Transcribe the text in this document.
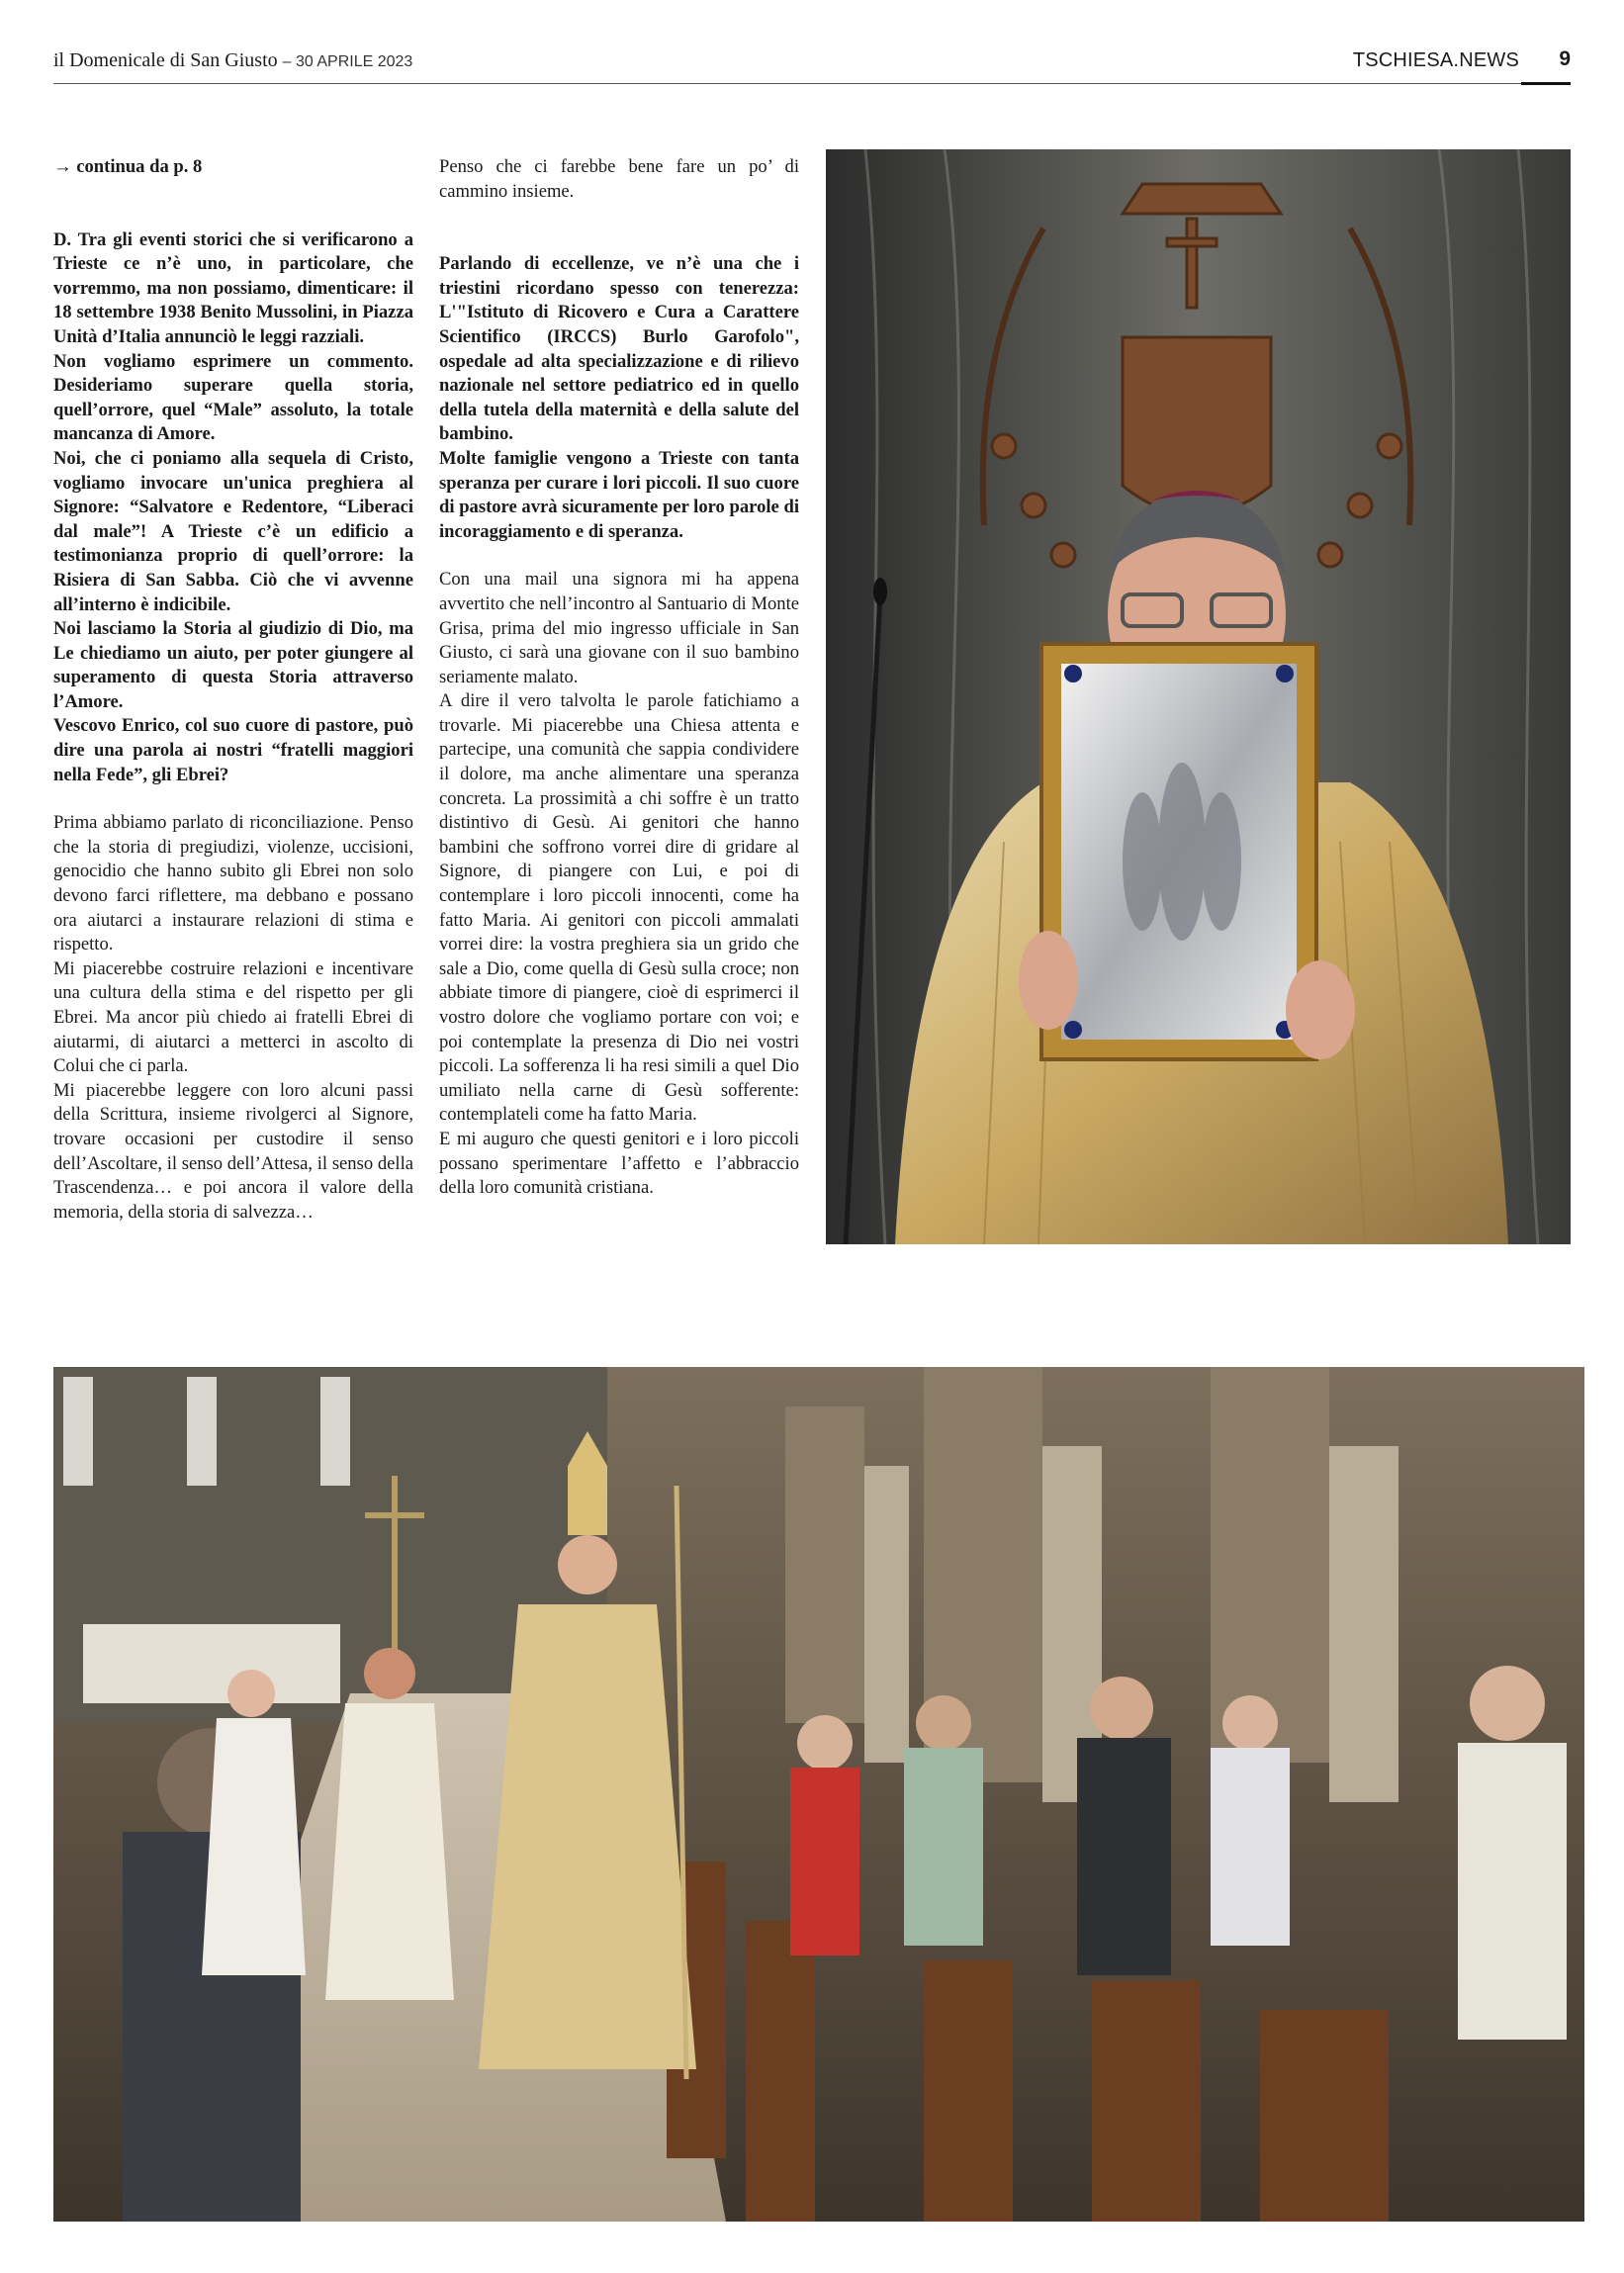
il Domenicale di San Giusto – 30 APRILE 2023	TSCHIESA.NEWS 9

→ continua da p. 8

D. Tra gli eventi storici che si verificarono a Trieste ce n’è uno, in particolare, che vorremmo, ma non possiamo, dimenticare: il 18 settembre 1938 Benito Mussolini, in Piazza Unità d’Italia annunciò le leggi razziali.

Non vogliamo esprimere un commento. Desideriamo superare quella storia, quell’orrore, quel “Male” assoluto, la totale mancanza di Amore.

Noi, che ci poniamo alla sequela di Cristo, vogliamo invocare un'unica preghiera al Signore: “Salvatore e Redentore, “Liberaci dal male”! A Trieste c’è un edificio a testimonianza proprio di quell’orrore: la Risiera di San Sabba. Ciò che vi avvenne all’interno è indicibile.

Noi lasciamo la Storia al giudizio di Dio, ma Le chiediamo un aiuto, per poter giungere al superamento di questa Storia attraverso l’Amore.

Vescovo Enrico, col suo cuore di pastore, può dire una parola ai nostri “fratelli maggiori nella Fede”, gli Ebrei?

Prima abbiamo parlato di riconciliazione. Penso che la storia di pregiudizi, violenze, uccisioni, genocidio che hanno subito gli Ebrei non solo devono farci riflettere, ma debbano e possano ora aiutarci a instaurare relazioni di stima e rispetto.

Mi piacerebbe costruire relazioni e incentivare una cultura della stima e del rispetto per gli Ebrei. Ma ancor più chiedo ai fratelli Ebrei di aiutarmi, di aiutarci a metterci in ascolto di Colui che ci parla.

Mi piacerebbe leggere con loro alcuni passi della Scrittura, insieme rivolgerci al Signore, trovare occasioni per custodire il senso dell’Ascoltare, il senso dell’Attesa, il senso della Trascendenza… e poi ancora il valore della memoria, della storia di salvezza…

Penso che ci farebbe bene fare un po’ di cammino insieme.

Parlando di eccellenze, ve n’è una che i triestini ricordano spesso con tenerezza: L'"Istituto di Ricovero e Cura a Carattere Scientifico (IRCCS) Burlo Garofolo", ospedale ad alta specializzazione e di rilievo nazionale nel settore pediatrico ed in quello della tutela della maternità e della salute del bambino.

Molte famiglie vengono a Trieste con tanta speranza per curare i lori piccoli. Il suo cuore di pastore avrà sicuramente per loro parole di incoraggiamento e di speranza.

Con una mail una signora mi ha appena avvertito che nell’incontro al Santuario di Monte Grisa, prima del mio ingresso ufficiale in San Giusto, ci sarà una giovane con il suo bambino seriamente malato.

A dire il vero talvolta le parole fatichiamo a trovarle. Mi piacerebbe una Chiesa attenta e partecipe, una comunità che sappia condividere il dolore, ma anche alimentare una speranza concreta. La prossimità a chi soffre è un tratto distintivo di Gesù. Ai genitori che hanno bambini che soffrono vorrei dire di gridare al Signore, di piangere con Lui, e poi di contemplare i loro piccoli innocenti, come ha fatto Maria. Ai genitori con piccoli ammalati vorrei dire: la vostra preghiera sia un grido che sale a Dio, come quella di Gesù sulla croce; non abbiate timore di piangere, cioè di esprimerci il vostro dolore che vogliamo portare con voi; e poi contemplate la presenza di Dio nei vostri piccoli. La sofferenza li ha resi simili a quel Dio umiliato nella carne di Gesù sofferente: contemplateli come ha fatto Maria.

E mi auguro che questi genitori e i loro piccoli possano sperimentare l’affetto e l’abbraccio della loro comunità cristiana.
